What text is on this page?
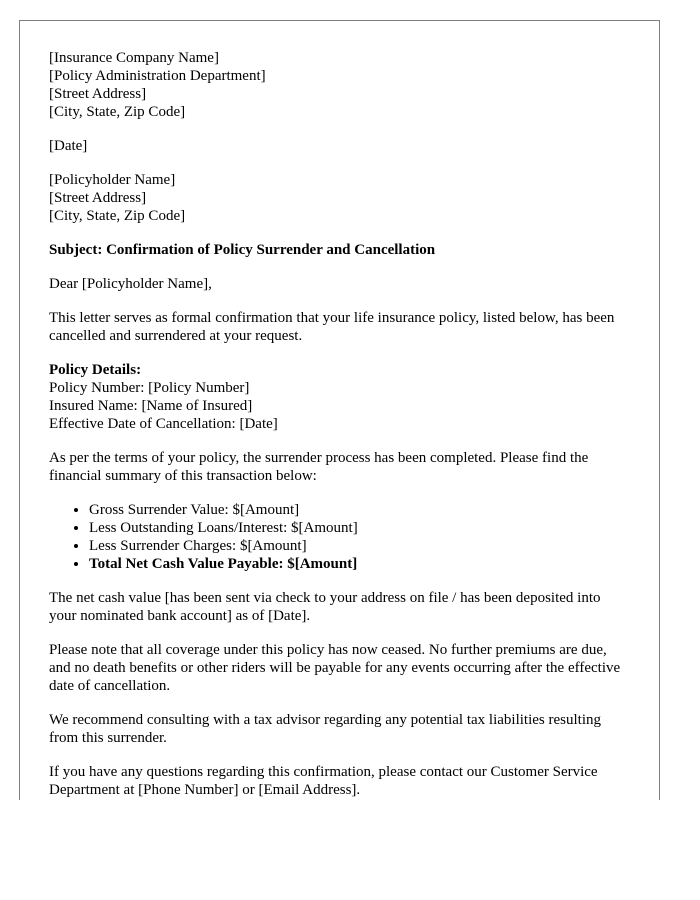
[Insurance Company Name]
[Policy Administration Department]
[Street Address]
[City, State, Zip Code]
[Date]
[Policyholder Name]
[Street Address]
[City, State, Zip Code]

Subject: Confirmation of Policy Surrender and Cancellation

Dear [Policyholder Name],

This letter serves as formal confirmation that your life insurance policy, listed below, has been cancelled and surrendered at your request.

Policy Details:
Policy Number: [Policy Number]
Insured Name: [Name of Insured]
Effective Date of Cancellation: [Date]

As per the terms of your policy, the surrender process has been completed. Please find the financial summary of this transaction below:

• Gross Surrender Value: $[Amount]
• Less Outstanding Loans/Interest: $[Amount]
• Less Surrender Charges: $[Amount]
• Total Net Cash Value Payable: $[Amount]

The net cash value [has been sent via check to your address on file / has been deposited into your nominated bank account] as of [Date].

Please note that all coverage under this policy has now ceased. No further premiums are due, and no death benefits or other riders will be payable for any events occurring after the effective date of cancellation.

We recommend consulting with a tax advisor regarding any potential tax liabilities resulting from this surrender.

If you have any questions regarding this confirmation, please contact our Customer Service Department at [Phone Number] or [Email Address].
